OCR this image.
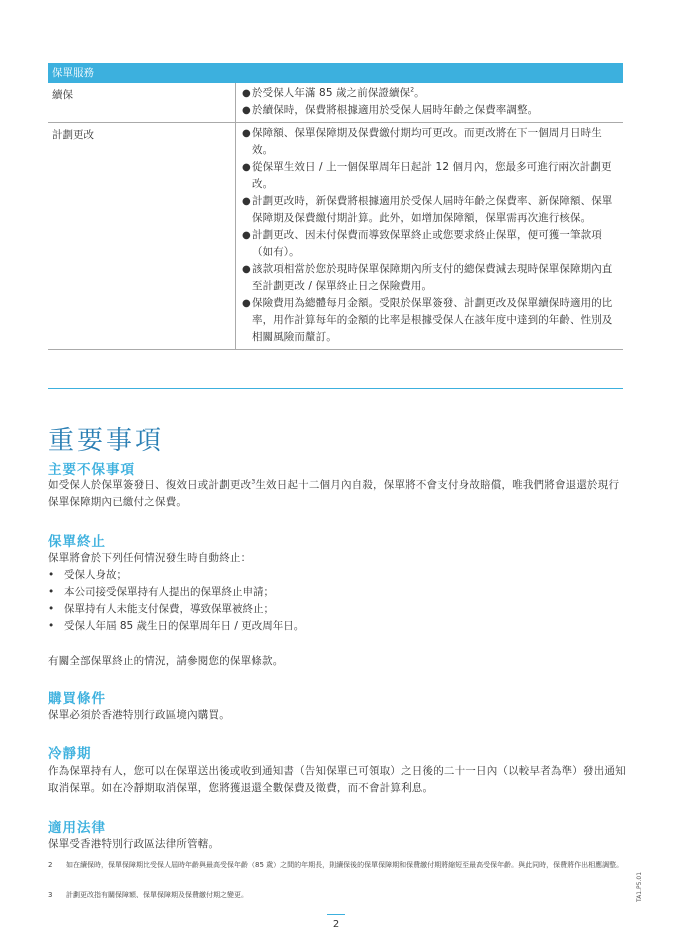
保單服務
續保	● 於受保人年滿 85 歲之前保證續保$^2$。
● 於續保時，保費將根據適用於受保人屆時年齡之保費率調整。
計劃更改	● 保障額、保單保障期及保費繳付期均可更改。而更改將在下一個周月日時生效。
● 從保單生效日 / 上一個保單周年日起計 12 個月內，您最多可進行兩次計劃更改。
● 計劃更改時，新保費將根據適用於受保人屆時年齡之保費率、新保障額、保單保障期及保費繳付期計算。此外，如增加保障額，保單需再次進行核保。
● 計劃更改、因未付保費而導致保單終止或您要求終止保單，便可獲一筆款項（如有）。
● 該款項相當於您於現時保單保障期內所支付的總保費減去現時保單保障期內直至計劃更改 / 保單終止日之保險費用。
● 保險費用為總體每月金額。受限於保單簽發、計劃更改及保單續保時適用的比率，用作計算每年的金額的比率是根據受保人在該年度中達到的年齡、性別及相關風險而釐訂。
重要事項
主要不保事項
如受保人於保單簽發日、復效日或計劃更改$^3$生效日起十二個月內自殺，保單將不會支付身故賠償，唯我們將會退還於現行保單保障期內已繳付之保費。
保單終止
保單將會於下列任何情況發生時自動終止：
• 受保人身故；
• 本公司接受保單持有人提出的保單終止申請；
• 保單持有人未能支付保費，導致保單被終止；
• 受保人年屆 85 歲生日的保單周年日 / 更改周年日。
有關全部保單終止的情況，請參閱您的保單條款。
購買條件
保單必須於香港特別行政區境內購買。
冷靜期
作為保單持有人，您可以在保單送出後或收到通知書（告知保單已可領取）之日後的二十一日內（以較早者為準）發出通知取消保單。如在冷靜期取消保單，您將獲退還全數保費及徵費，而不會計算利息。
適用法律
保單受香港特別行政區法律所管轄。
2	如在續保時，保單保障期比受保人屆時年齡與最高受保年齡（85 歲）之間的年期長，則續保後的保單保障期和保費繳付期將縮短至最高受保年齡。與此同時，保費將作出相應調整。
3	計劃更改指有關保障額、保單保障期及保費繳付期之變更。
2
TA1.P5.01
